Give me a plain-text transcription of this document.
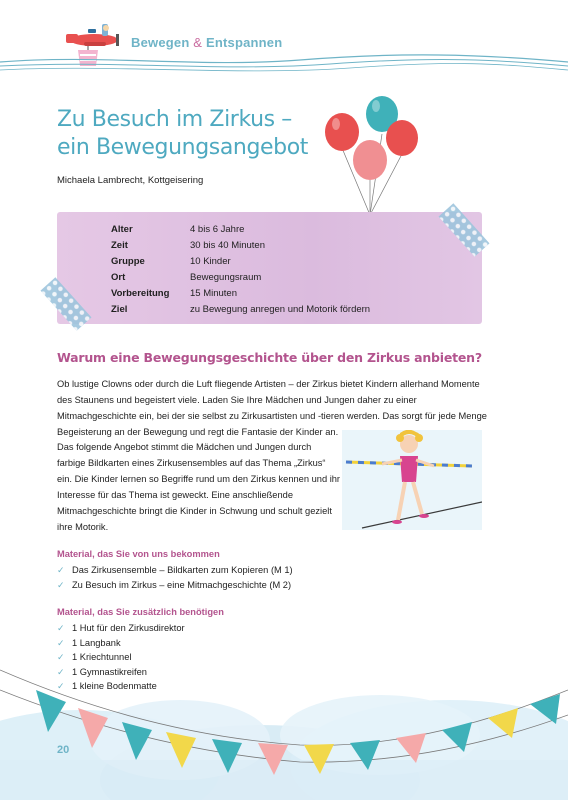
Bewegen & Entspannen
Zu Besuch im Zirkus –
ein Bewegungsangebot
Michaela Lambrecht, Kottgeisering
Alter	4 bis 6 Jahre
Zeit	30 bis 40 Minuten
Gruppe	10 Kinder
Ort	Bewegungsraum
Vorbereitung	15 Minuten
Ziel	zu Bewegung anregen und Motorik fördern
Warum eine Bewegungsgeschichte über den Zirkus anbieten?

Ob lustige Clowns oder durch die Luft fliegende Artisten – der Zirkus bietet Kindern allerhand Momente des Staunens und begeistert viele. Laden Sie Ihre Mädchen und Jungen daher zu einer Mitmachgeschichte ein, bei der sie selbst zu Zirkusartisten und -tieren werden. Das sorgt für jede Menge Begeisterung an der Bewegung und regt die Fantasie der Kinder an.

Das folgende Angebot stimmt die Mädchen und Jungen durch farbige Bildkarten eines Zirkusensembles auf das Thema „Zirkus“ ein. Die Kinder lernen so Begriffe rund um den Zirkus kennen und ihr Interesse für das Thema ist geweckt. Eine anschließende Mitmachgeschichte bringt die Kinder in Schwung und schult gezielt ihre Motorik.

Material, das Sie von uns bekommen
✓ Das Zirkusensemble – Bildkarten zum Kopieren (M 1)
✓ Zu Besuch im Zirkus – eine Mitmachgeschichte (M 2)
Material, das Sie zusätzlich benötigen
✓ 1 Hut für den Zirkusdirektor
✓ 1 Langbank
✓ 1 Kriechtunnel
✓ 1 Gymnastikreifen
✓ 1 kleine Bodenmatte
20
